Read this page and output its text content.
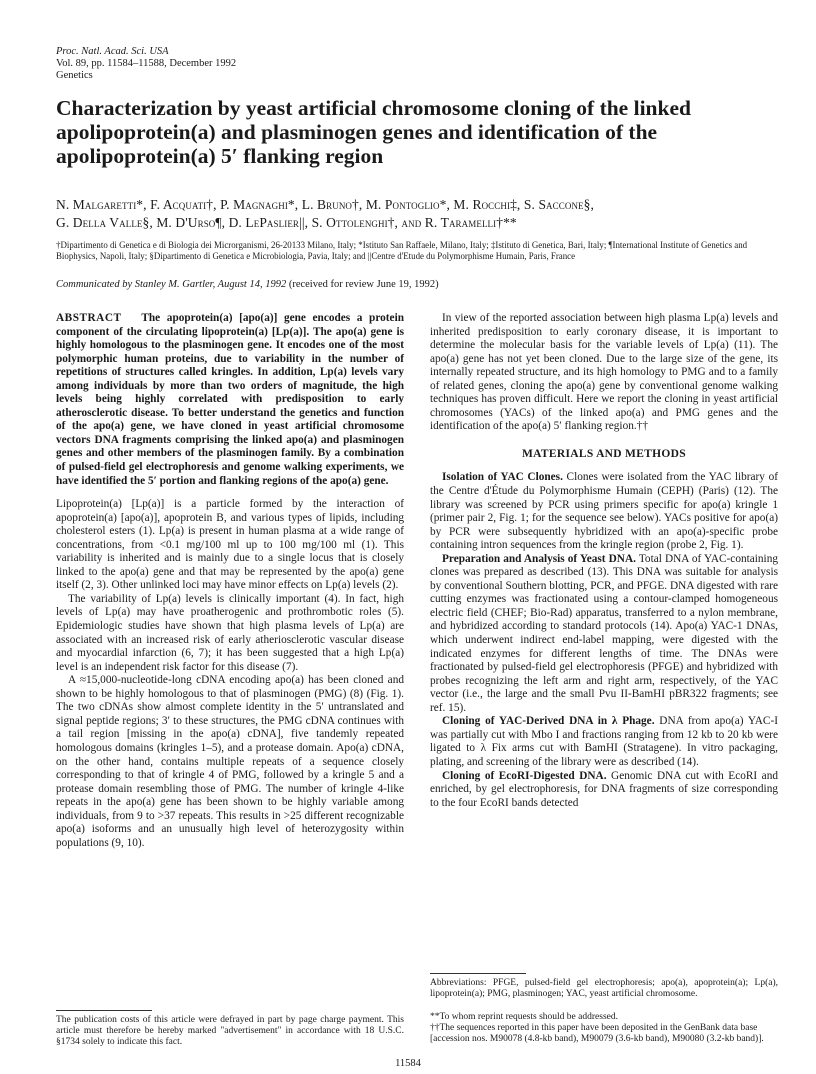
Proc. Natl. Acad. Sci. USA
Vol. 89, pp. 11584–11588, December 1992
Genetics
Characterization by yeast artificial chromosome cloning of the linked apolipoprotein(a) and plasminogen genes and identification of the apolipoprotein(a) 5′ flanking region
N. Malgaretti*, F. Acquati†, P. Magnaghi*, L. Bruno†, M. Pontoglio*, M. Rocchi‡, S. Saccone§,
G. Della Valle§, M. D'Urso¶, D. LePaslier||, S. Ottolenghi†, and R. Taramelli†**

†Dipartimento di Genetica e di Biologia dei Microrganismi, 26-20133 Milano, Italy; *Istituto San Raffaele, Milano, Italy; ‡Istituto di Genetica, Bari, Italy; ¶International Institute of Genetics and Biophysics, Napoli, Italy; §Dipartimento di Genetica e Microbiologia, Pavia, Italy; and ||Centre d'Etude du Polymorphisme Humain, Paris, France

Communicated by Stanley M. Gartler, August 14, 1992 (received for review June 19, 1992)

ABSTRACT The apoprotein(a) [apo(a)] gene encodes a protein component of the circulating lipoprotein(a) [Lp(a)]. The apo(a) gene is highly homologous to the plasminogen gene. It encodes one of the most polymorphic human proteins, due to variability in the number of repetitions of structures called kringles. In addition, Lp(a) levels vary among individuals by more than two orders of magnitude, the high levels being highly correlated with predisposition to early atherosclerotic disease. To better understand the genetics and function of the apo(a) gene, we have cloned in yeast artificial chromosome vectors DNA fragments comprising the linked apo(a) and plasminogen genes and other members of the plasminogen family. By a combination of pulsed-field gel electrophoresis and genome walking experiments, we have identified the 5′ portion and flanking regions of the apo(a) gene.

Lipoprotein(a) [Lp(a)] is a particle formed by the interaction of apoprotein(a) [apo(a)], apoprotein B, and various types of lipids, including cholesterol esters (1). Lp(a) is present in human plasma at a wide range of concentrations, from <0.1 mg/100 ml up to 100 mg/100 ml (1). This variability is inherited and is mainly due to a single locus that is closely linked to the apo(a) gene and that may be represented by the apo(a) gene itself (2, 3). Other unlinked loci may have minor effects on Lp(a) levels (2).

The variability of Lp(a) levels is clinically important (4). In fact, high levels of Lp(a) may have proatherogenic and prothrombotic roles (5). Epidemiologic studies have shown that high plasma levels of Lp(a) are associated with an increased risk of early atheriosclerotic vascular disease and myocardial infarction (6, 7); it has been suggested that a high Lp(a) level is an independent risk factor for this disease (7).

A ≈15,000-nucleotide-long cDNA encoding apo(a) has been cloned and shown to be highly homologous to that of plasminogen (PMG) (8) (Fig. 1). The two cDNAs show almost complete identity in the 5′ untranslated and signal peptide regions; 3′ to these structures, the PMG cDNA continues with a tail region [missing in the apo(a) cDNA], five tandemly repeated homologous domains (kringles 1–5), and a protease domain. Apo(a) cDNA, on the other hand, contains multiple repeats of a sequence closely corresponding to that of kringle 4 of PMG, followed by a kringle 5 and a protease domain resembling those of PMG. The number of kringle 4-like repeats in the apo(a) gene has been shown to be highly variable among individuals, from 9 to >37 repeats. This results in >25 different recognizable apo(a) isoforms and an unusually high level of heterozygosity within populations (9, 10).

The publication costs of this article were defrayed in part by page charge payment. This article must therefore be hereby marked "advertisement" in accordance with 18 U.S.C. §1734 solely to indicate this fact.

In view of the reported association between high plasma Lp(a) levels and inherited predisposition to early coronary disease, it is important to determine the molecular basis for the variable levels of Lp(a) (11). The apo(a) gene has not yet been cloned. Due to the large size of the gene, its internally repeated structure, and its high homology to PMG and to a family of related genes, cloning the apo(a) gene by conventional genome walking techniques has proven difficult. Here we report the cloning in yeast artificial chromosomes (YACs) of the linked apo(a) and PMG genes and the identification of the apo(a) 5′ flanking region.††

MATERIALS AND METHODS

Isolation of YAC Clones. Clones were isolated from the YAC library of the Centre d'Étude du Polymorphisme Humain (CEPH) (Paris) (12). The library was screened by PCR using primers specific for apo(a) kringle 1 (primer pair 2, Fig. 1; for the sequence see below). YACs positive for apo(a) by PCR were subsequently hybridized with an apo(a)-specific probe containing intron sequences from the kringle region (probe 2, Fig. 1).

Preparation and Analysis of Yeast DNA. Total DNA of YAC-containing clones was prepared as described (13). This DNA was suitable for analysis by conventional Southern blotting, PCR, and PFGE. DNA digested with rare cutting enzymes was fractionated using a contour-clamped homogeneous electric field (CHEF; Bio-Rad) apparatus, transferred to a nylon membrane, and hybridized according to standard protocols (14). Apo(a) YAC-1 DNAs, which underwent indirect end-label mapping, were digested with the indicated enzymes for different lengths of time. The DNAs were fractionated by pulsed-field gel electrophoresis (PFGE) and hybridized with probes recognizing the left arm and right arm, respectively, of the YAC vector (i.e., the large and the small Pvu II-BamHI pBR322 fragments; see ref. 15).

Cloning of YAC-Derived DNA in λ Phage. DNA from apo(a) YAC-I was partially cut with Mbo I and fractions ranging from 12 kb to 20 kb were ligated to λ Fix arms cut with BamHI (Stratagene). In vitro packaging, plating, and screening of the library were as described (14).

Cloning of EcoRI-Digested DNA. Genomic DNA cut with EcoRI and enriched, by gel electrophoresis, for DNA fragments of size corresponding to the four EcoRI bands detected

Abbreviations: PFGE, pulsed-field gel electrophoresis; apo(a), apoprotein(a); Lp(a), lipoprotein(a); PMG, plasminogen; YAC, yeast artificial chromosome.

**To whom reprint requests should be addressed.

††The sequences reported in this paper have been deposited in the GenBank data base [accession nos. M90078 (4.8-kb band), M90079 (3.6-kb band), M90080 (3.2-kb band)].

11584
